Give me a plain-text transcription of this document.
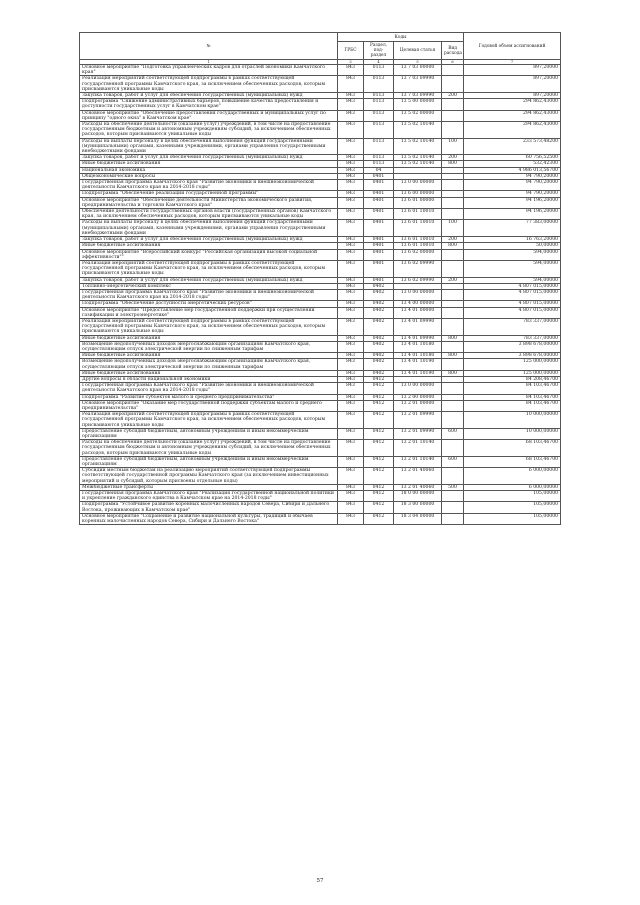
№	Коды				Годовой объем ассигнований
	ГРБС	Раздел, под-раздел	Целевая статья	Вид расхода	
1	3	4	5	6	7
Основное мероприятие "Подготовка управленческих кадров для отраслей экономики Камчатского края"	843	0113	13 7 03 00000		897,20000
Реализация мероприятий соответствующей подпрограммы в рамках соответствующей государственной программы Камчатского края, за исключением обеспеченных расходов, которым присваиваются уникальные коды	843	0113	13 7 03 09990		897,20000
Закупка товаров, работ и услуг для обеспечения государственных (муниципальных) нужд	843	0113	13 7 03 09990	200	897,20000
Подпрограмма "Снижение административных барьеров, повышение качества предоставления и доступности государственных услуг в Камчатском крае"	843	0113	13 5 00 00000		294 862,43000
Основное мероприятие "Обеспечение предоставления государственных и муниципальных услуг по принципу "одного окна" в Камчатском крае"	843	0113	13 5 02 00000		294 862,43000
Расходы на обеспечение деятельности (оказание услуг) учреждений, в том числе на предоставление государственным бюджетным и автономным учреждениям субсидий, за исключением обеспеченных расходов, которым присваиваются уникальные коды	843	0113	13 5 02 10140		294 862,43000
Расходы на выплаты персоналу в целях обеспечения выполнения функций государственными (муниципальными) органами, казенными учреждениями, органами управления государственными внебюджетными фондами	843	0113	13 5 02 10140	100	233 573,48200
Закупка товаров, работ и услуг для обеспечения государственных (муниципальных) нужд	843	0113	13 5 02 10140	200	60 756,52500
Иные бюджетные ассигнования	843	0113	13 5 02 10140	800	532,42300
Национальная экономика	843	04			4 986 013,56700
Общеэкономические вопросы	843	0401			94 790,20000
Государственная программа Камчатского края "Развитие экономики и внешнеэкономической деятельности Камчатского края на 2014-2018 годы"	843	0401	13 0 00 00000		94 790,20000
Подпрограмма "Обеспечение реализации государственной программы"	843	0401	13 6 00 00000		94 790,20000
Основное мероприятие "Обеспечение деятельности Министерства экономического развития, предпринимательства и торговли Камчатского края"	843	0401	13 6 01 00000		94 196,20000
Обеспечение деятельности государственных органов власти (государственных органов) Камчатского края, за исключением обеспеченных расходов, которым присваиваются уникальные коды	843	0401	13 6 01 10010		94 196,20000
Расходы на выплаты персоналу в целях обеспечения выполнения функций государственными (муниципальными) органами, казенными учреждениями, органами управления государственными внебюджетными фондами	843	0401	13 6 01 10010	100	77 383,00000
Закупка товаров, работ и услуг для обеспечения государственных (муниципальных) нужд	843	0401	13 6 01 10010	200	16 763,20000
Иные бюджетные ассигнования	843	0401	13 6 01 10010	800	50,00000
Основное мероприятие "Всероссийский конкурс "Российская организация высокой социальной эффективности""	843	0401	13 6 02 00000		594,00000
Реализация мероприятий соответствующей подпрограммы в рамках соответствующей государственной программы Камчатского края, за исключением обеспеченных расходов, которым присваиваются уникальные коды	843	0401	13 6 02 09990		594,00000
Закупка товаров, работ и услуг для обеспечения государственных (муниципальных) нужд	843	0401	13 6 02 09990	200	594,00000
Топливно-энергетический комплекс	843	0402			4 807 015,00000
Государственная программа Камчатского края "Развитие экономики и внешнеэкономической деятельности Камчатского края на 2014-2018 годы"	843	0402	13 0 00 00000		4 807 015,00000
Подпрограмма "Обеспечение доступности энергетических ресурсов"	843	0402	13 4 00 00000		4 807 015,00000
Основное мероприятие "Предоставление мер государственной поддержки при осуществлении газификации и электроэнергетике"	843	0402	13 4 01 00000		4 807 015,00000
Реализация мероприятий соответствующей подпрограммы в рамках соответствующей государственной программы Камчатского края, за исключением обеспеченных расходов, которым присваиваются уникальные коды	843	0402	13 4 01 09990		783 337,00000
Иные бюджетные ассигнования	843	0402	13 4 01 09990	800	783 337,00000
Возмещение недополученных доходов энергоснабжающим организациям Камчатского края, осуществляющим отпуск электрической энергии по сниженным тарифам	843	0402	13 4 01 10180		3 898 678,00000
Иные бюджетные ассигнования	843	0402	13 4 01 10180	800	3 898 678,00000
Возмещение недополученных доходов энергоснабжающим организациям Камчатского края, осуществляющим отпуск электрической энергии по сниженным тарифам	843	0402	13 4 01 10190		125 000,00000
Иные бюджетные ассигнования	843	0402	13 4 01 10190	800	125 000,00000
Другие вопросы в области национальной экономики	843	0412			84 208,46700
Государственная программа Камчатского края "Развитие экономики и внешнеэкономической деятельности Камчатского края на 2014-2018 годы"	843	0412	13 0 00 00000		84 103,46700
Подпрограмма "Развитие субъектов малого и среднего предпринимательства"	843	0412	13 2 00 00000		84 103,46700
Основное мероприятие "Оказание мер государственной поддержки субъектам малого и среднего предпринимательства"	843	0412	13 2 01 00000		84 103,46700
Реализация мероприятий соответствующей подпрограммы в рамках соответствующей государственной программы Камчатского края, за исключением обеспеченных расходов, которым присваиваются уникальные коды	843	0412	13 2 01 09990		10 000,00000
Предоставление субсидий бюджетным, автономным учреждениям и иным некоммерческим организациям	843	0412	13 2 01 09990	600	10 000,00000
Расходы на обеспечение деятельности (оказание услуг) учреждений, в том числе на предоставление государственным бюджетным и автономным учреждениям субсидий, за исключением обеспеченных расходов, которым присваиваются уникальные коды	843	0412	13 2 01 10140		68 103,46700
Предоставление субсидий бюджетным, автономным учреждениям и иным некоммерческим организациям	843	0412	13 2 01 10140	600	68 103,46700
Субсидии местным бюджетам на реализацию мероприятий соответствующей подпрограммы соответствующей государственной программы Камчатского края (за исключением инвестиционных мероприятий и субсидий, которым присвоены отдельные коды)	843	0412	13 2 01 40060		6 000,00000
Межбюджетные трансферты	843	0412	13 2 01 40060	500	6 000,00000
Государственная программа Камчатского края "Реализация государственной национальной политики и укрепление гражданского единства в Камчатском крае на 2014-2018 годы"	843	0412	18 0 00 00000		105,00000
Подпрограмма "Устойчивое развитие коренных малочисленных народов Севера, Сибири и Дальнего Востока, проживающих в Камчатском крае"	843	0412	18 3 00 00000		105,00000
Основное мероприятие "Сохранение и развитие национальной культуры, традиций и обычаев коренных малочисленных народов Севера, Сибири и Дальнего Востока"	843	0412	18 3 04 00000		105,00000
57
